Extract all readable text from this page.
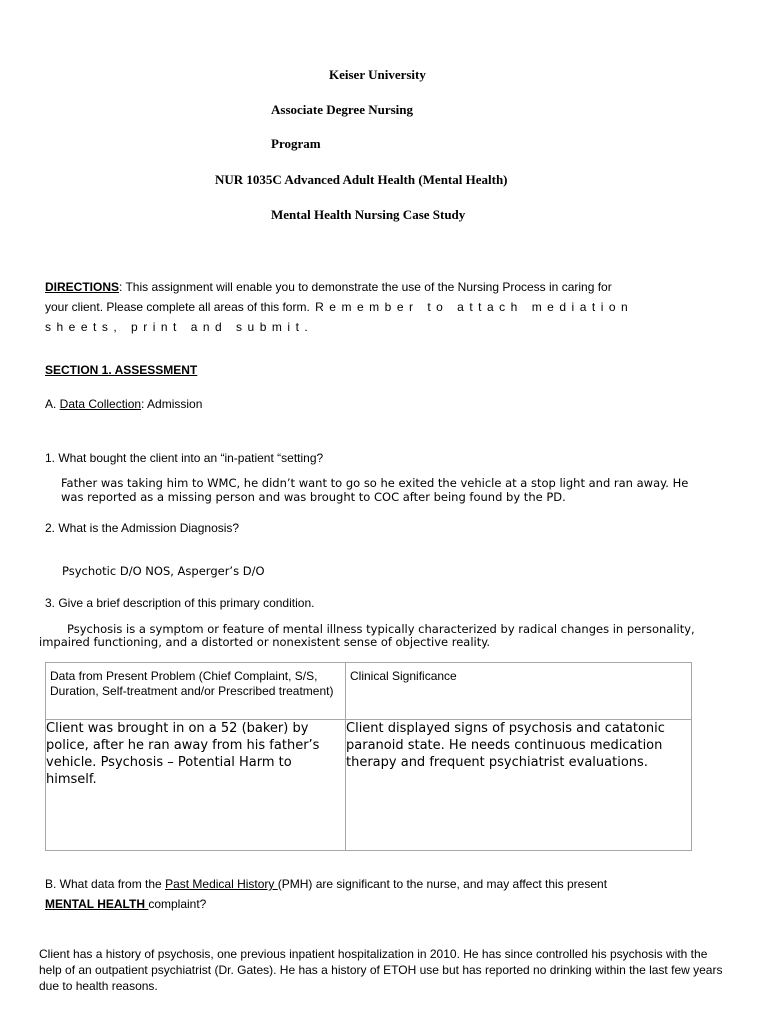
Keiser University
Associate Degree Nursing
Program
NUR 1035C Advanced Adult Health (Mental Health)
Mental Health Nursing Case Study
DIRECTIONS: This assignment will enable you to demonstrate the use of the Nursing Process in caring for
your client. Please complete all areas of this form. Remember to attach mediation
sheets, print and submit.
SECTION 1. ASSESSMENT
A. Data Collection: Admission
1. What bought the client into an “in-patient “setting?
Father was taking him to WMC, he didn’t want to go so he exited the vehicle at a stop light and ran away. He was reported as a missing person and was brought to COC after being found by the PD.
2. What is the Admission Diagnosis?
Psychotic D/O NOS, Asperger’s D/O
3. Give a brief description of this primary condition.
Psychosis is a symptom or feature of mental illness typically characterized by radical changes in personality, impaired functioning, and a distorted or nonexistent sense of objective reality.
Data from Present Problem (Chief Complaint, S/S, Duration, Self-treatment and/or Prescribed treatment)	Clinical Significance
Client was brought in on a 52 (baker) by police, after he ran away from his father’s vehicle. Psychosis – Potential Harm to himself.	Client displayed signs of psychosis and catatonic paranoid state. He needs continuous medication therapy and frequent psychiatrist evaluations.
B. What data from the Past Medical History (PMH) are significant to the nurse, and may affect this present
MENTAL HEALTH complaint?
Client has a history of psychosis, one previous inpatient hospitalization in 2010. He has since controlled his psychosis with the help of an outpatient psychiatrist (Dr. Gates). He has a history of ETOH use but has reported no drinking within the last few years due to health reasons.
